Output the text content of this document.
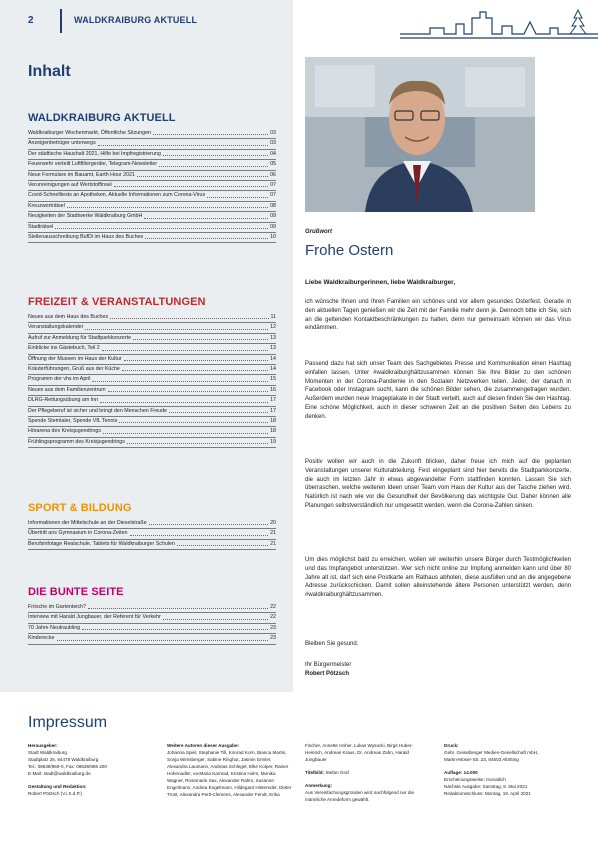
2	WALDKRAIBURG AKTUELL
Inhalt
WALDKRAIBURG AKTUELL
Waldkraiburger Wochenmarkt, Öffentliche Sitzungen	03
Anzeigenbetrüger unterwegs	03
Der städtische Haushalt 2021, Hilfe bei Impfregistrierung	04
Feuerwehr verteilt Luftfiltergeräte, Telegram-Newsletter	05
Neue Formulare im Bauamt, Earth Hour 2021	06
Verunreinigungen auf Wertstoffinsel	07
Covid-Schnelltests an Apotheken, Aktuelle Informationen zum Corona-Virus	07
Kreuzworträtsel	08
Neuigkeiten der Stadtwerke Waldkraiburg GmbH	09
Stadträtsel	09
Stellenausschreibung BufDi im Haus des Buches	10
FREIZEIT & VERANSTALTUNGEN
Neues aus dem Haus des Buches	11
Veranstaltungskalender	12
Aufruf zur Anmeldung für Stadtparkkonzerte	13
Einblicke ins Gästebuch, Teil 2	13
Öffnung der Museen im Haus der Kultur	14
Kräuterführungen, Gruß aus der Küche	14
Programm der vhs im April	15
Neues aus dem Familienzentrum	16
DLRG-Rettungsübung am Inn	17
Der Pflegeberuf ist sicher und bringt den Menschen Freude	17
Spende Stemtaler, Spende VfL Tennis	18
Hörarena des Kreisjugendrings	18
Frühlingsprogramm des Kreisjugendrings	19
SPORT & BILDUNG
Informationen der Mittelschule an der Dieselstraße	20
Übertritt ans Gymnasium in Corona-Zeiten	21
Berufsinfotage Realschule, Tablets für Waldkraiburger Schulen	21
DIE BUNTE SEITE
Frösche im Gartenteich?	22
Interview mit Harald Jungbauer, der Referent für Verkehr	22
70 Jahre Neutraubling	23
Kinderecke	23
Grußwort
Frohe Ostern
Liebe Waldkraiburgerinnen, liebe Waldkraiburger,

ich wünsche Ihnen und Ihren Familien ein schönes und vor allem gesundes Osterfest. Gerade in den aktuellen Tagen genießen wir die Zeit mit der Familie mehr denn je. Dennoch bitte ich Sie, sich an die geltenden Kontaktbeschränkungen zu halten, denn nur gemeinsam können wir das Virus eindämmen.

Passend dazu hat sich unser Team des Sachgebietes Presse und Kommunikation einen Hashtag einfallen lassen. Unter #waldkraiburghältzusammen können Sie Ihre Bilder zu den schönen Momenten in der Corona-Pandemie in den Sozialen Netzwerken teilen. Jeder, der danach in Facebook oder Instagram sucht, kann die schönen Bilder sehen, die zusammengetragen wurden. Außerdem wurden neue Imageplakate in der Stadt verteilt, auch auf diesen finden Sie den Hashtag. Eine schöne Möglichkeit, auch in dieser schweren Zeit an die positiven Seiten des Lebens zu denken.

Positiv wollen wir auch in die Zukunft blicken, daher freue ich mich auf die geplanten Veranstaltungen unserer Kulturabteilung. Fest eingeplant sind hier bereits die Stadtparkkonzerte, die auch im letzten Jahr in etwas abgewandelter Form stattfinden konnten. Lassen Sie sich überraschen, welche weiteren Ideen unser Team vom Haus der Kultur aus der Tasche ziehen wird. Natürlich ist nach wie vor die Gesundheit der Bevölkerung das wichtigste Gut. Daher können alle Planungen selbstverständlich nur umgesetzt werden, wenn die Corona-Zahlen sinken.

Um dies möglichst bald zu erreichen, wollen wir weiterhin unsere Bürger durch Testmöglichkeiten und das Impfangebot unterstützen. Wer sich nicht online zur Impfung anmelden kann und über 80 Jahre alt ist, darf sich eine Postkarte am Rathaus abholen, diese ausfüllen und an die angegebene Adresse zurückschicken. Damit sollen alleinstehende ältere Personen unterstützt werden, denn #waldkraiburghältzusammen.

Bleiben Sie gesund.
Ihr Bürgermeister
Robert Pötzsch
Impressum
Herausgeber:
Stadt Waldkraiburg
Stadtplatz 26, 84478 Waldkraiburg
Tel.: 08638/959-0, Fax: 08638/959 200
E-Mail: stadt@waldkraiburg.de
Gestaltung und Redaktion:
Robert Pötzsch (V.i.S.d.P.)
Weitere Autoren dieser Ausgabe:
Johanna Spiel, Stephanie Till, Konrad Korn, Bianca Martin, Sonja Wimsberger, Sabine Ringhut, Jasmin Ermler, Alexandra Laumann, Andreas Schlegel, Elke Kolper, Rainer Hohenadler, va-Maria Kamrad, Kristina Holm, Monika Wagner, Rosemarie Sax, Alexander Rahm, Susanne Engelmann, Andrea Engelmann, Hildegard Hintereder, Dieter Trost, Alexandra Pertl-Clemens, Alexander Fendt, Erika
Fischer, Annette Hoher, Lukas Wysocki, Birgit Huber-Heinrich, Andreas Kraus, Dr. Andreas Zahn, Harald Jungbauer
Titelbild: Stefan Graf
Anmerkung:
Aus Vereinfachungsgründen wird nachfolgend nur die männliche Anredeform gewählt.
Druck:
Gebr. Geiselberger Medien-Gesellschaft mbH,
Martin-Moser-Str. 23, 84503 Altötting
Auflage: 14.000
Erscheinungsweise: monatlich
Nächste Ausgabe: Samstag, 8. Mai 2021
Redaktionsschluss: Montag, 19. April 2021
